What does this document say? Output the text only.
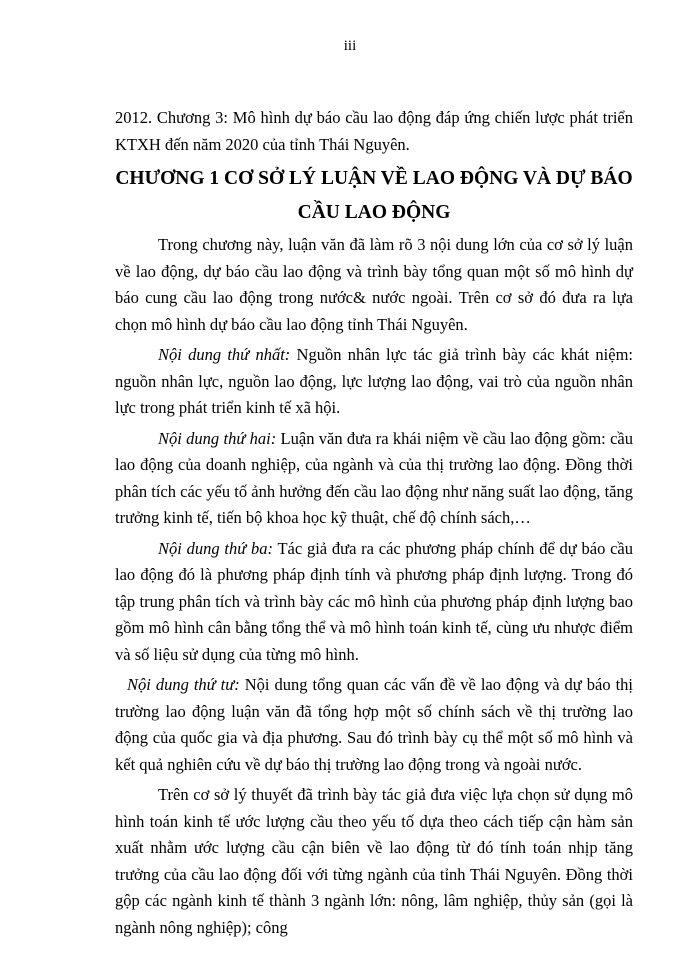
iii

2012. Chương 3: Mô hình dự báo cầu lao động đáp ứng chiến lược phát triển KTXH đến năm 2020 của tỉnh Thái Nguyên.

CHƯƠNG 1 CƠ SỞ LÝ LUẬN VỀ LAO ĐỘNG VÀ DỰ BÁO
CẦU LAO ĐỘNG

Trong chương này, luận văn đã làm rõ 3 nội dung lớn của cơ sở lý luận về lao động, dự báo cầu lao động và trình bày tổng quan một số mô hình dự báo cung cầu lao động trong nước& nước ngoài. Trên cơ sở đó đưa ra lựa chọn mô hình dự báo cầu lao động tỉnh Thái Nguyên.

Nội dung thứ nhất: Nguồn nhân lực tác giả trình bày các khát niệm: nguồn nhân lực, nguồn lao động, lực lượng lao động, vai trò của nguồn nhân lực trong phát triển kinh tế xã hội.

Nội dung thứ hai: Luận văn đưa ra khái niệm về cầu lao động gồm: cầu lao động của doanh nghiệp, của ngành và của thị trường lao động. Đồng thời phân tích các yếu tố ảnh hưởng đến cầu lao động như năng suất lao động, tăng trưởng kinh tế, tiến bộ khoa học kỹ thuật, chế độ chính sách,…

Nội dung thứ ba: Tác giả đưa ra các phương pháp chính để dự báo cầu lao động đó là phương pháp định tính và phương pháp định lượng. Trong đó tập trung phân tích và trình bày các mô hình của phương pháp định lượng bao gồm mô hình cân bằng tổng thể và mô hình toán kinh tế, cùng ưu nhược điểm và số liệu sử dụng của từng mô hình.

Nội dung thứ tư: Nội dung tổng quan các vấn đề về lao động và dự báo thị trường lao động luận văn đã tổng hợp một số chính sách về thị trường lao động của quốc gia và địa phương. Sau đó trình bày cụ thể một số mô hình và kết quả nghiên cứu về dự báo thị trường lao động trong và ngoài nước.

Trên cơ sở lý thuyết đã trình bày tác giả đưa việc lựa chọn sử dụng mô hình toán kinh tế ước lượng cầu theo yếu tố dựa theo cách tiếp cận hàm sản xuất nhằm ước lượng cầu cận biên về lao động từ đó tính toán nhịp tăng trưởng của cầu lao động đối với từng ngành của tỉnh Thái Nguyên. Đồng thời gộp các ngành kinh tế thành 3 ngành lớn: nông, lâm nghiệp, thủy sản (gọi là ngành nông nghiệp); công
